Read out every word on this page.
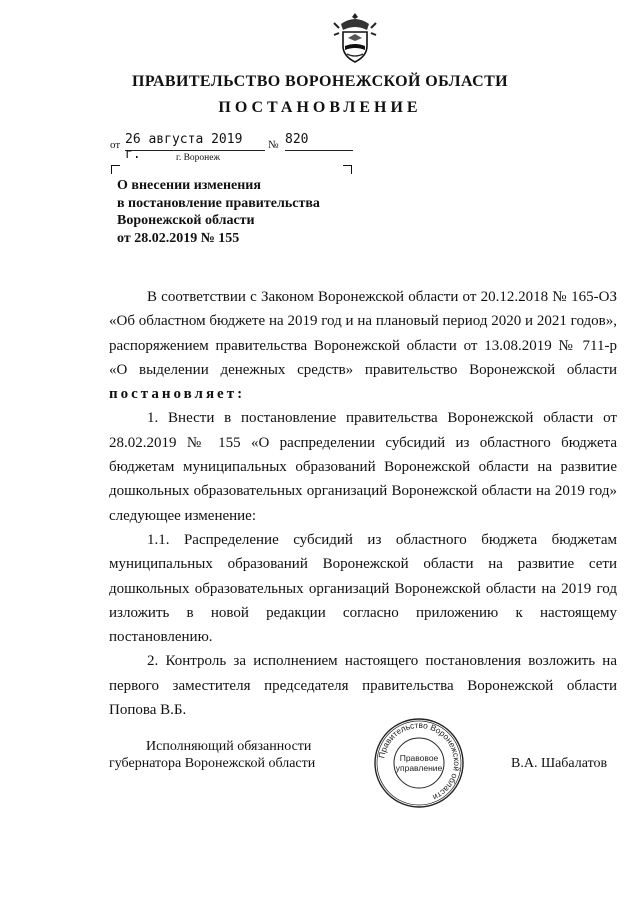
ПРАВИТЕЛЬСТВО ВОРОНЕЖСКОЙ ОБЛАСТИ
ПОСТАНОВЛЕНИЕ
от 26 августа 2019 г.
№ 820
г. Воронеж
О внесении изменения
в постановление правительства
Воронежской области
от 28.02.2019 № 155
В соответствии с Законом Воронежской области от 20.12.2018 № 165-ОЗ
«Об областном бюджете на 2019 год и на плановый период 2020 и 2021 годов»,
распоряжением правительства Воронежской области от 13.08.2019 № 711-р
«О выделении денежных средств» правительство Воронежской области
постановляет:
1. Внести в постановление правительства Воронежской области от
28.02.2019 № 155 «О распределении субсидий из областного бюджета
бюджетам муниципальных образований Воронежской области на развитие
дошкольных образовательных организаций Воронежской области на 2019 год»
следующее изменение:
1.1. Распределение субсидий из областного бюджета бюджетам
муниципальных образований Воронежской области на развитие сети
дошкольных образовательных организаций Воронежской области на 2019 год
изложить в новой редакции согласно приложению к настоящему
постановлению.
2. Контроль за исполнением настоящего постановления возложить на
первого заместителя председателя правительства Воронежской области
Попова В.Б.
Исполняющий обязанности
губернатора Воронежской области	В.А. Шабалатов
Правительство Воронежской области
Правовое
управление
